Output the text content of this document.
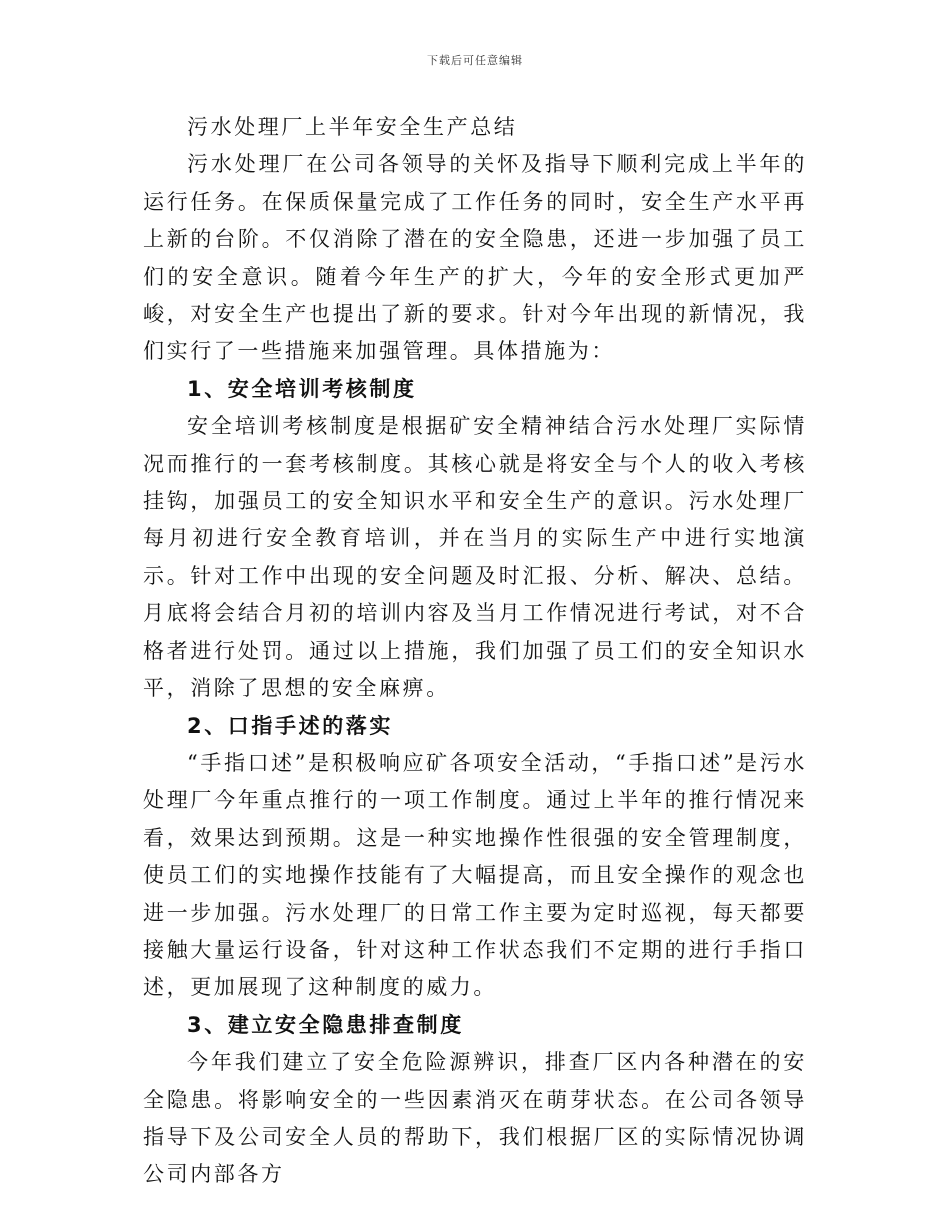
下载后可任意编辑

污水处理厂上半年安全生产总结

污水处理厂在公司各领导的关怀及指导下顺利完成上半年的运行任务。在保质保量完成了工作任务的同时，安全生产水平再上新的台阶。不仅消除了潜在的安全隐患，还进一步加强了员工们的安全意识。随着今年生产的扩大，今年的安全形式更加严峻，对安全生产也提出了新的要求。针对今年出现的新情况，我们实行了一些措施来加强管理。具体措施为：

1、安全培训考核制度

安全培训考核制度是根据矿安全精神结合污水处理厂实际情况而推行的一套考核制度。其核心就是将安全与个人的收入考核挂钩，加强员工的安全知识水平和安全生产的意识。污水处理厂每月初进行安全教育培训，并在当月的实际生产中进行实地演示。针对工作中出现的安全问题及时汇报、分析、解决、总结。月底将会结合月初的培训内容及当月工作情况进行考试，对不合格者进行处罚。通过以上措施，我们加强了员工们的安全知识水平，消除了思想的安全麻痹。

2、口指手述的落实

“手指口述”是积极响应矿各项安全活动，“手指口述”是污水处理厂今年重点推行的一项工作制度。通过上半年的推行情况来看，效果达到预期。这是一种实地操作性很强的安全管理制度，使员工们的实地操作技能有了大幅提高，而且安全操作的观念也进一步加强。污水处理厂的日常工作主要为定时巡视，每天都要接触大量运行设备，针对这种工作状态我们不定期的进行手指口述，更加展现了这种制度的威力。

3、建立安全隐患排查制度

今年我们建立了安全危险源辨识，排查厂区内各种潜在的安全隐患。将影响安全的一些因素消灭在萌芽状态。在公司各领导指导下及公司安全人员的帮助下，我们根据厂区的实际情况协调公司内部各方
